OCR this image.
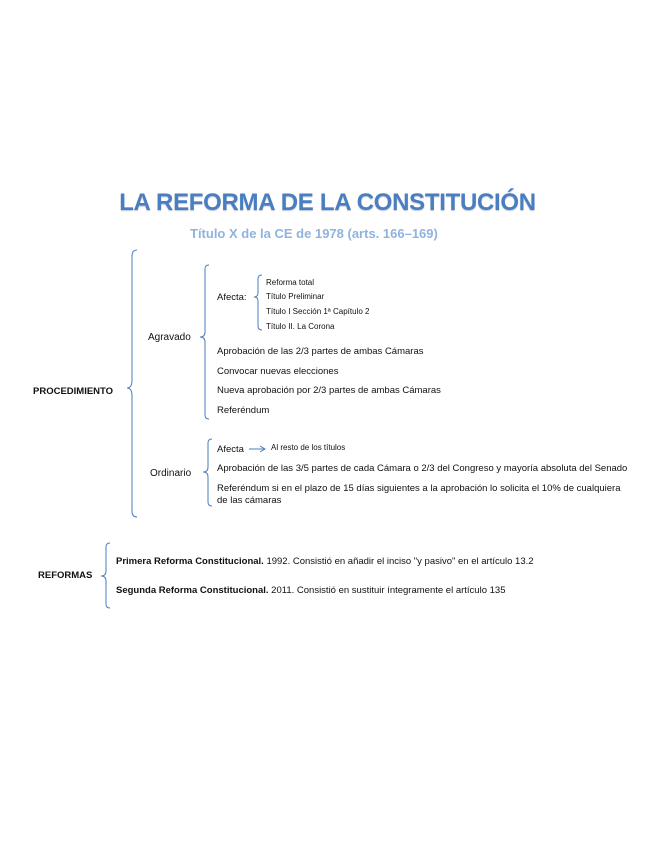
LA REFORMA DE LA CONSTITUCIÓN
Título X de la CE de 1978 (arts. 166–169)
PROCEDIMIENTO
Agravado
Afecta:
Reforma total
Título Preliminar
Título I Sección 1ª Capítulo 2
Título II. La Corona
Aprobación de las 2/3 partes de ambas Cámaras
Convocar nuevas elecciones
Nueva aprobación por 2/3 partes de ambas Cámaras
Referéndum
Ordinario
Afecta	Al resto de los títulos
Aprobación de las 3/5 partes de cada Cámara o 2/3 del Congreso y mayoría absoluta del Senado
Referéndum si en el plazo de 15 días siguientes a la aprobación lo solicita el 10% de cualquiera
de las cámaras
REFORMAS
Primera Reforma Constitucional. 1992. Consistió en añadir el inciso "y pasivo" en el artículo 13.2
Segunda Reforma Constitucional. 2011. Consistió en sustituir íntegramente el artículo 135
